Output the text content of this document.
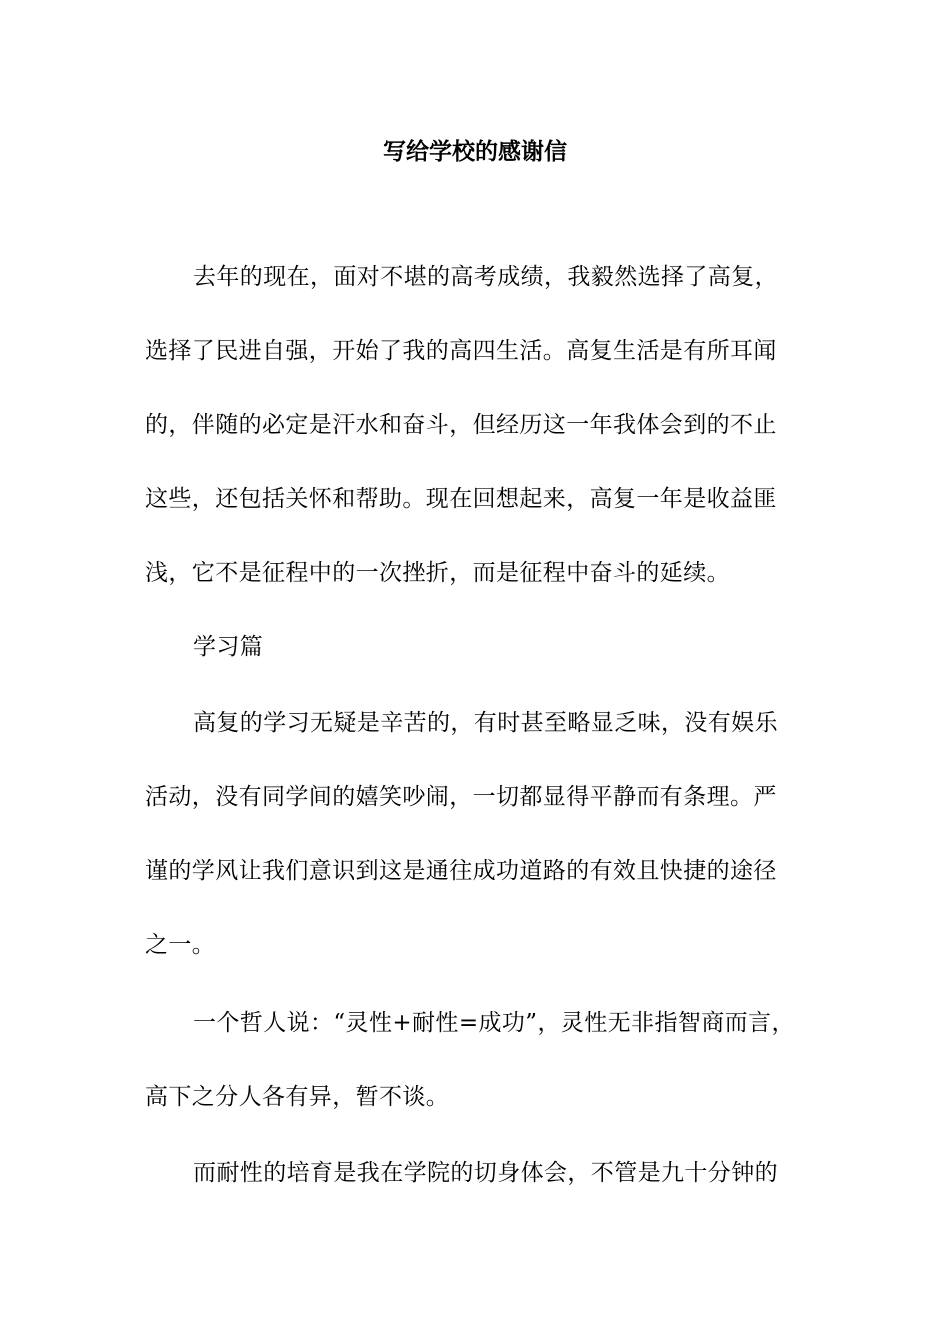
写给学校的感谢信
去年的现在，面对不堪的高考成绩，我毅然选择了高复，
选择了民进自强，开始了我的高四生活。高复生活是有所耳闻
的，伴随的必定是汗水和奋斗，但经历这一年我体会到的不止
这些，还包括关怀和帮助。现在回想起来，高复一年是收益匪
浅，它不是征程中的一次挫折，而是征程中奋斗的延续。
学习篇
高复的学习无疑是辛苦的，有时甚至略显乏味，没有娱乐
活动，没有同学间的嬉笑吵闹，一切都显得平静而有条理。严
谨的学风让我们意识到这是通往成功道路的有效且快捷的途径
之一。
一个哲人说：“灵性+耐性=成功”，灵性无非指智商而言，
高下之分人各有异，暂不谈。
而耐性的培育是我在学院的切身体会，不管是九十分钟的
